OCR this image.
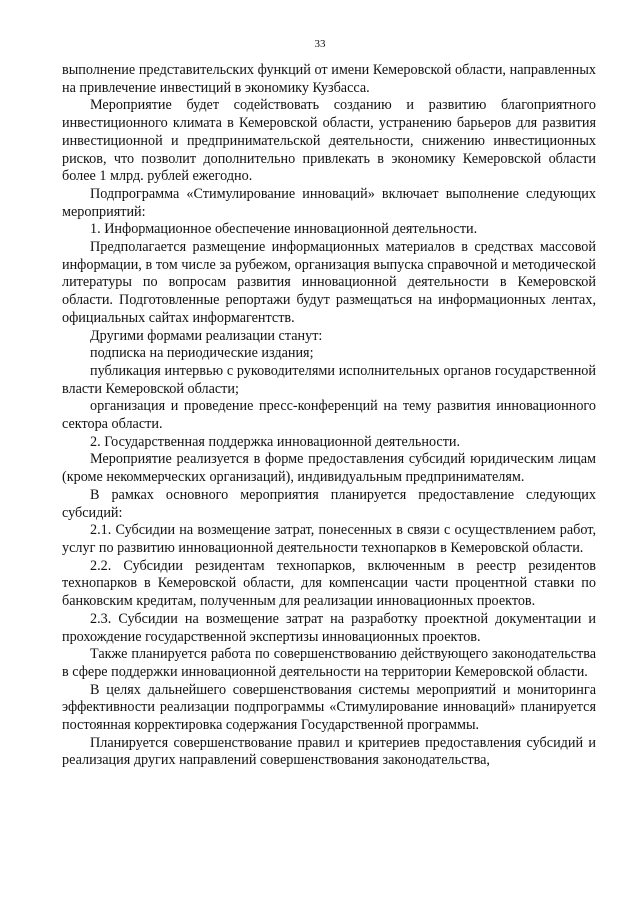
33

выполнение представительских функций от имени Кемеровской области, направленных на привлечение инвестиций в экономику Кузбасса.

Мероприятие будет содействовать созданию и развитию благоприятного инвестиционного климата в Кемеровской области, устранению барьеров для развития инвестиционной и предпринимательской деятельности, снижению инвестиционных рисков, что позволит дополнительно привлекать в экономику Кемеровской области более 1 млрд. рублей ежегодно.

Подпрограмма «Стимулирование инноваций» включает выполнение следующих мероприятий:

1. Информационное обеспечение инновационной деятельности.

Предполагается размещение информационных материалов в средствах массовой информации, в том числе за рубежом, организация выпуска справочной и методической литературы по вопросам развития инновационной деятельности в Кемеровской области. Подготовленные репортажи будут размещаться на информационных лентах, официальных сайтах информагентств.

Другими формами реализации станут:

подписка на периодические издания;

публикация интервью с руководителями исполнительных органов государственной власти Кемеровской области;

организация и проведение пресс-конференций на тему развития инновационного сектора области.

2. Государственная поддержка инновационной деятельности.

Мероприятие реализуется в форме предоставления субсидий юридическим лицам (кроме некоммерческих организаций), индивидуальным предпринимателям.

В рамках основного мероприятия планируется предоставление следующих субсидий:

2.1. Субсидии на возмещение затрат, понесенных в связи с осуществлением работ, услуг по развитию инновационной деятельности технопарков в Кемеровской области.

2.2. Субсидии резидентам технопарков, включенным в реестр резидентов технопарков в Кемеровской области, для компенсации части процентной ставки по банковским кредитам, полученным для реализации инновационных проектов.

2.3. Субсидии на возмещение затрат на разработку проектной документации и прохождение государственной экспертизы инновационных проектов.

Также планируется работа по совершенствованию действующего законодательства в сфере поддержки инновационной деятельности на территории Кемеровской области.

В целях дальнейшего совершенствования системы мероприятий и мониторинга эффективности реализации подпрограммы «Стимулирование инноваций» планируется постоянная корректировка содержания Государственной программы.

Планируется совершенствование правил и критериев предоставления субсидий и реализация других направлений совершенствования законодательства,
